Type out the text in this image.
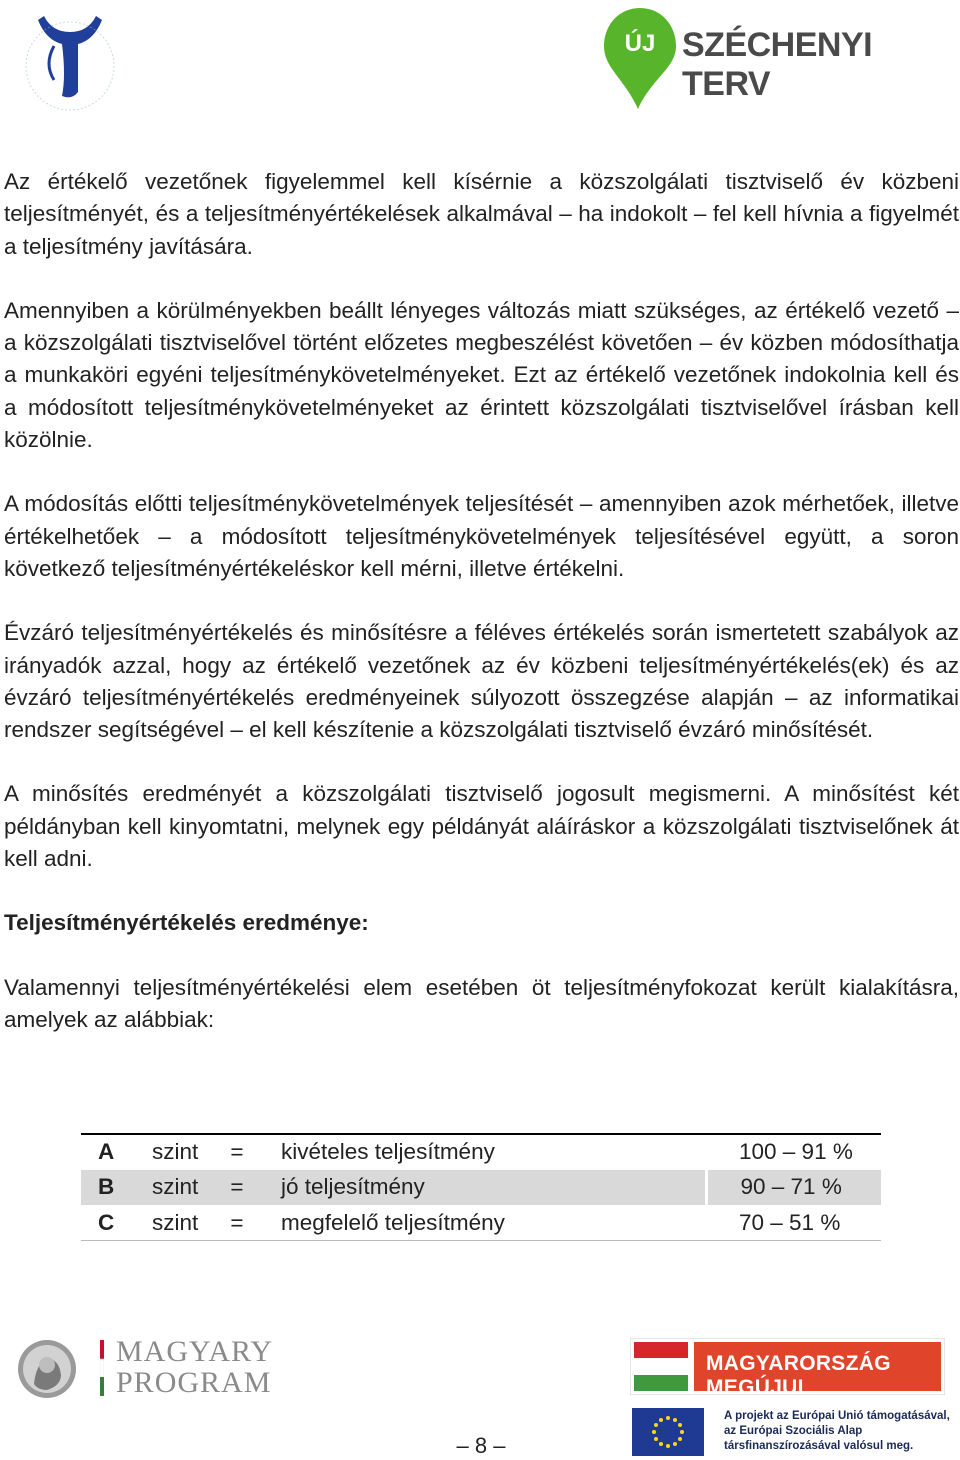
ÚJ SZÉCHENYI TERV

Az értékelő vezetőnek figyelemmel kell kísérnie a közszolgálati tisztviselő év közbeni teljesítményét, és a teljesítményértékelések alkalmával – ha indokolt – fel kell hívnia a figyelmét a teljesítmény javítására.

Amennyiben a körülményekben beállt lényeges változás miatt szükséges, az értékelő vezető – a közszolgálati tisztviselővel történt előzetes megbeszélést követően – év közben módosíthatja a munkaköri egyéni teljesítménykövetelményeket. Ezt az értékelő vezetőnek indokolnia kell és a módosított teljesítménykövetelményeket az érintett közszolgálati tisztviselővel írásban kell közölnie.

A módosítás előtti teljesítménykövetelmények teljesítését – amennyiben azok mérhetőek, illetve értékelhetőek – a módosított teljesítménykövetelmények teljesítésével együtt, a soron következő teljesítményértékeléskor kell mérni, illetve értékelni.

Évzáró teljesítményértékelés és minősítésre a féléves értékelés során ismertetett szabályok az irányadók azzal, hogy az értékelő vezetőnek az év közbeni teljesítményértékelés(ek) és az évzáró teljesítményértékelés eredményeinek súlyozott összegzése alapján – az informatikai rendszer segítségével – el kell készítenie a közszolgálati tisztviselő évzáró minősítését.

A minősítés eredményét a közszolgálati tisztviselő jogosult megismerni. A minősítést két példányban kell kinyomtatni, melynek egy példányát aláíráskor a közszolgálati tisztviselőnek át kell adni.

Teljesítményértékelés eredménye:

Valamennyi teljesítményértékelési elem esetében öt teljesítményfokozat került kialakításra, amelyek az alábbiak:

A	szint	=	kivételes teljesítmény	100 – 91 %
B	szint	=	jó teljesítmény	90 – 71 %
C	szint	=	megfelelő teljesítmény	70 – 51 %
MAGYARY
PROGRAM
– 8 –
MAGYARORSZÁG MEGÚJUL
A projekt az Európai Unió támogatásával,
az Európai Szociális Alap
társfinanszírozásával valósul meg.
